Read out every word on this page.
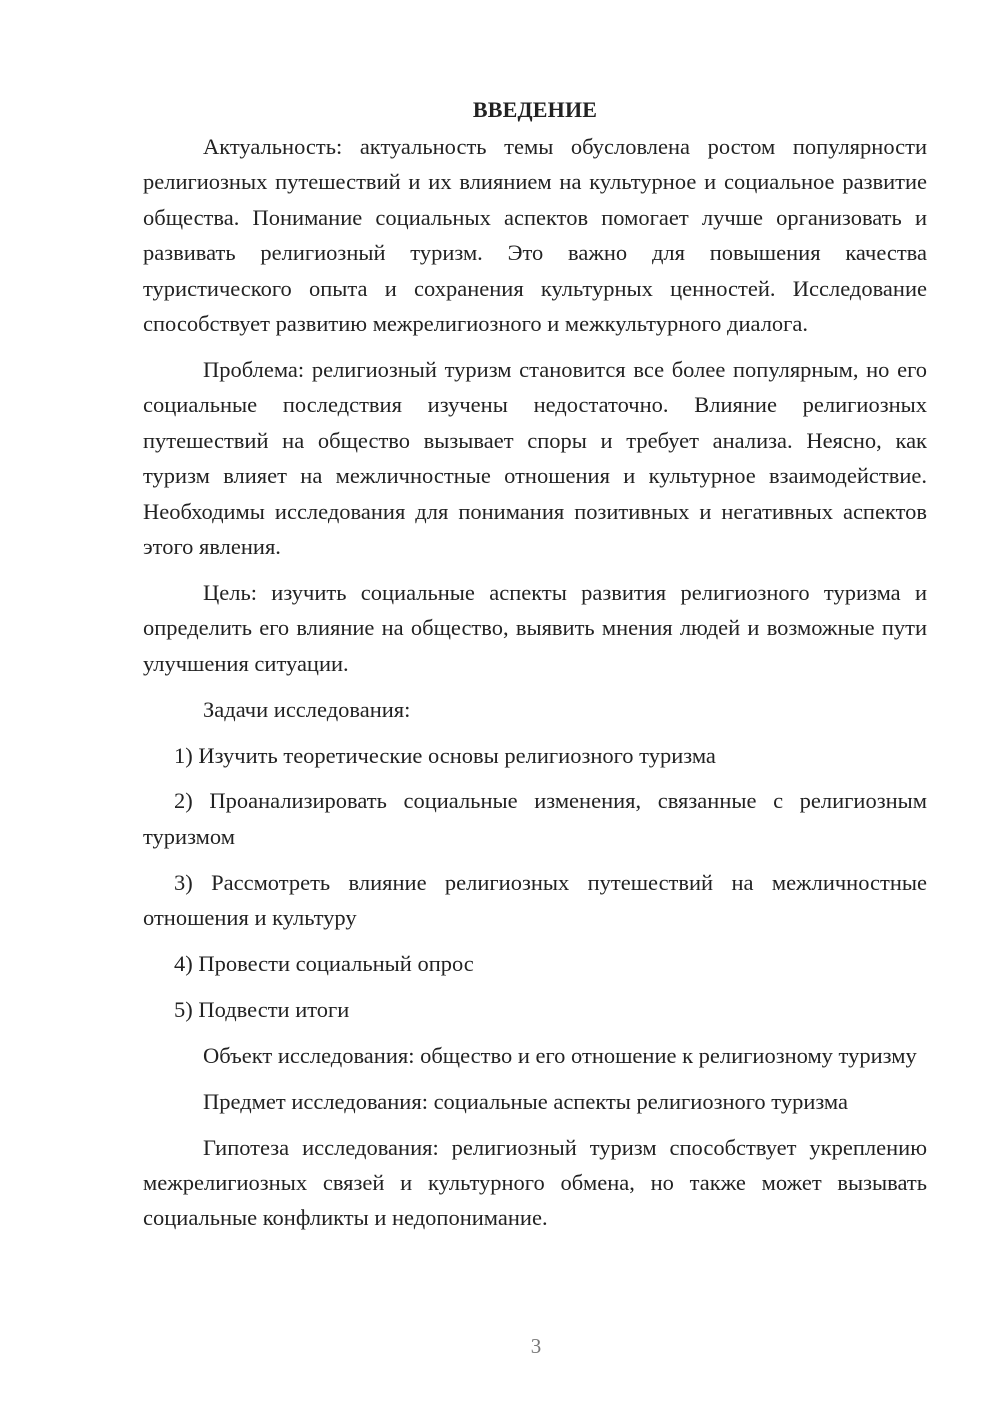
ВВЕДЕНИЕ

Актуальность: актуальность темы обусловлена ростом популярности религиозных путешествий и их влиянием на культурное и социальное развитие общества. Понимание социальных аспектов помогает лучше организовать и развивать религиозный туризм. Это важно для повышения качества туристического опыта и сохранения культурных ценностей. Исследование способствует развитию межрелигиозного и межкультурного диалога.

Проблема: религиозный туризм становится все более популярным, но его социальные последствия изучены недостаточно. Влияние религиозных путешествий на общество вызывает споры и требует анализа. Неясно, как туризм влияет на межличностные отношения и культурное взаимодействие. Необходимы исследования для понимания позитивных и негативных аспектов этого явления.

Цель: изучить социальные аспекты развития религиозного туризма и определить его влияние на общество, выявить мнения людей и возможные пути улучшения ситуации.

Задачи исследования:

1) Изучить теоретические основы религиозного туризма

2) Проанализировать социальные изменения, связанные с религиозным туризмом

3) Рассмотреть влияние религиозных путешествий на межличностные отношения и культуру

4) Провести социальный опрос

5) Подвести итоги

Объект исследования: общество и его отношение к религиозному туризму

Предмет исследования: социальные аспекты религиозного туризма

Гипотеза исследования: религиозный туризм способствует укреплению межрелигиозных связей и культурного обмена, но также может вызывать социальные конфликты и недопонимание.

3
